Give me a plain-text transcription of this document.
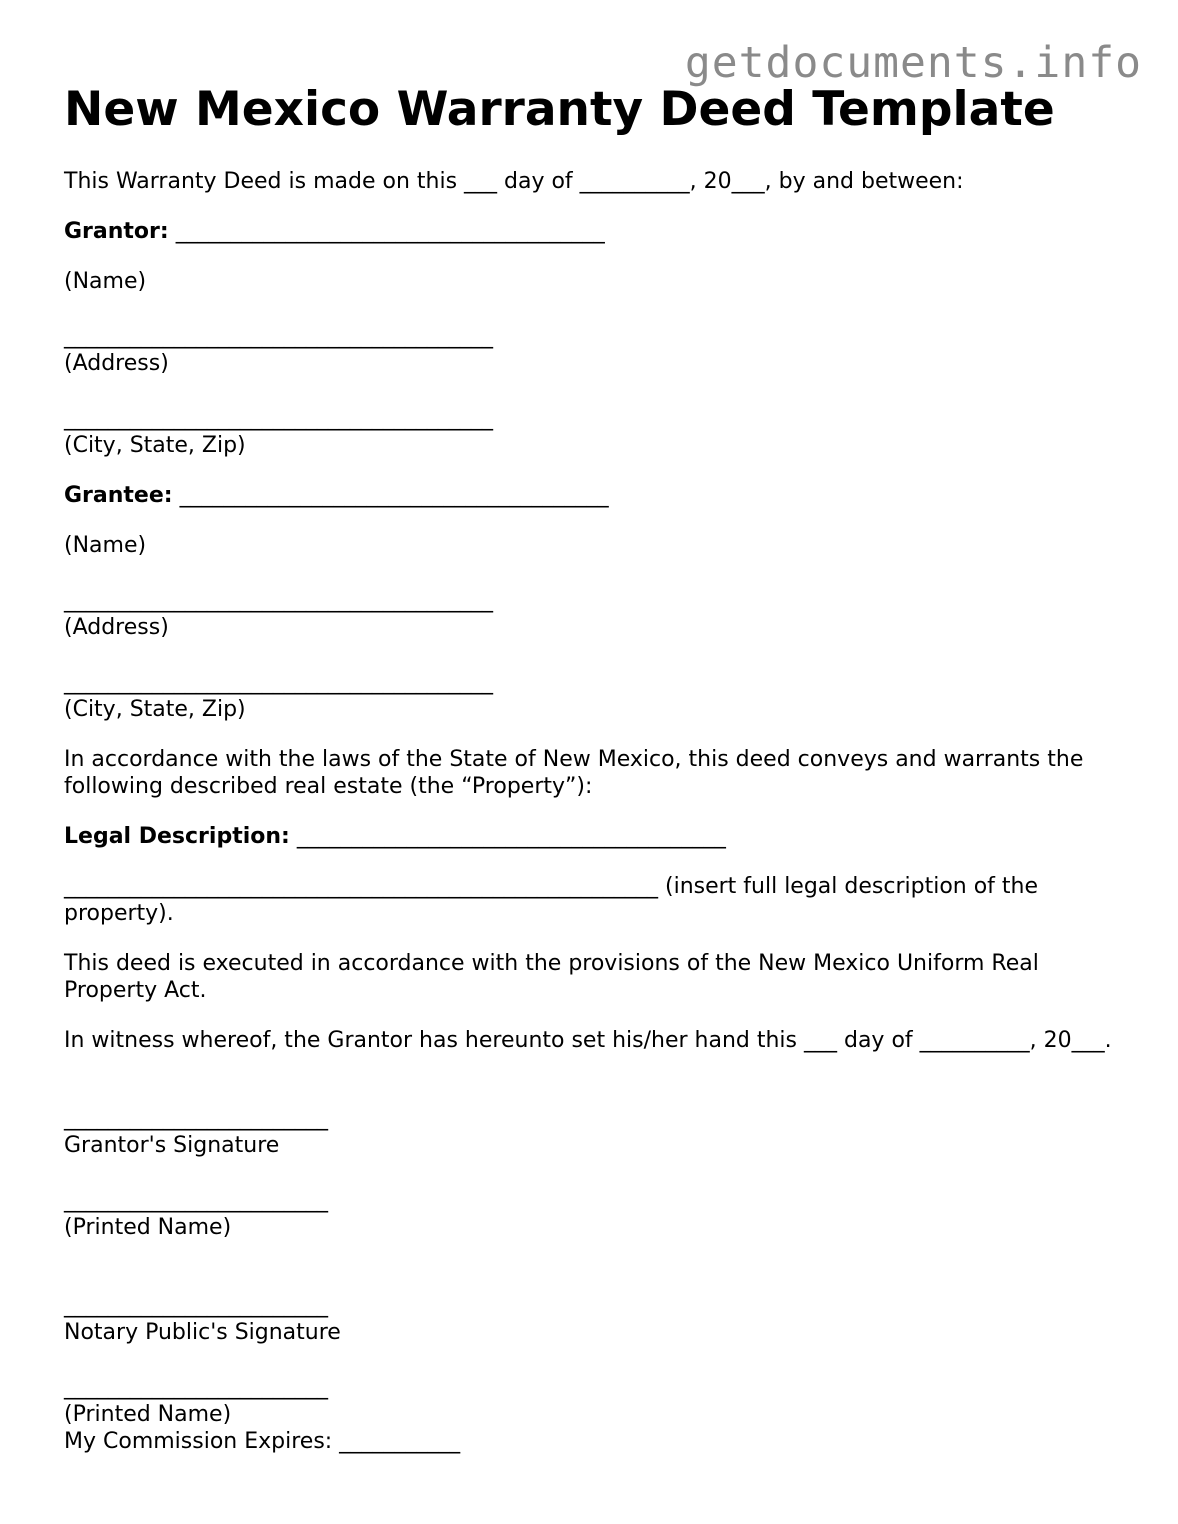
getdocuments.info
New Mexico Warranty Deed Template

This Warranty Deed is made on this ___ day of __________, 20___, by and between:

Grantor: _______________________________________

(Name)

_______________________________________

(Address)

_______________________________________

(City, State, Zip)

Grantee: _______________________________________

(Name)

_______________________________________

(Address)

_______________________________________

(City, State, Zip)

In accordance with the laws of the State of New Mexico, this deed conveys and warrants the following described real estate (the “Property”):

Legal Description: _______________________________________

______________________________________________________ (insert full legal description of the property).

This deed is executed in accordance with the provisions of the New Mexico Uniform Real Property Act.

In witness whereof, the Grantor has hereunto set his/her hand this ___ day of __________, 20___.

________________________

Grantor's Signature

________________________

(Printed Name)

________________________

Notary Public's Signature

________________________

(Printed Name)

My Commission Expires: ___________
